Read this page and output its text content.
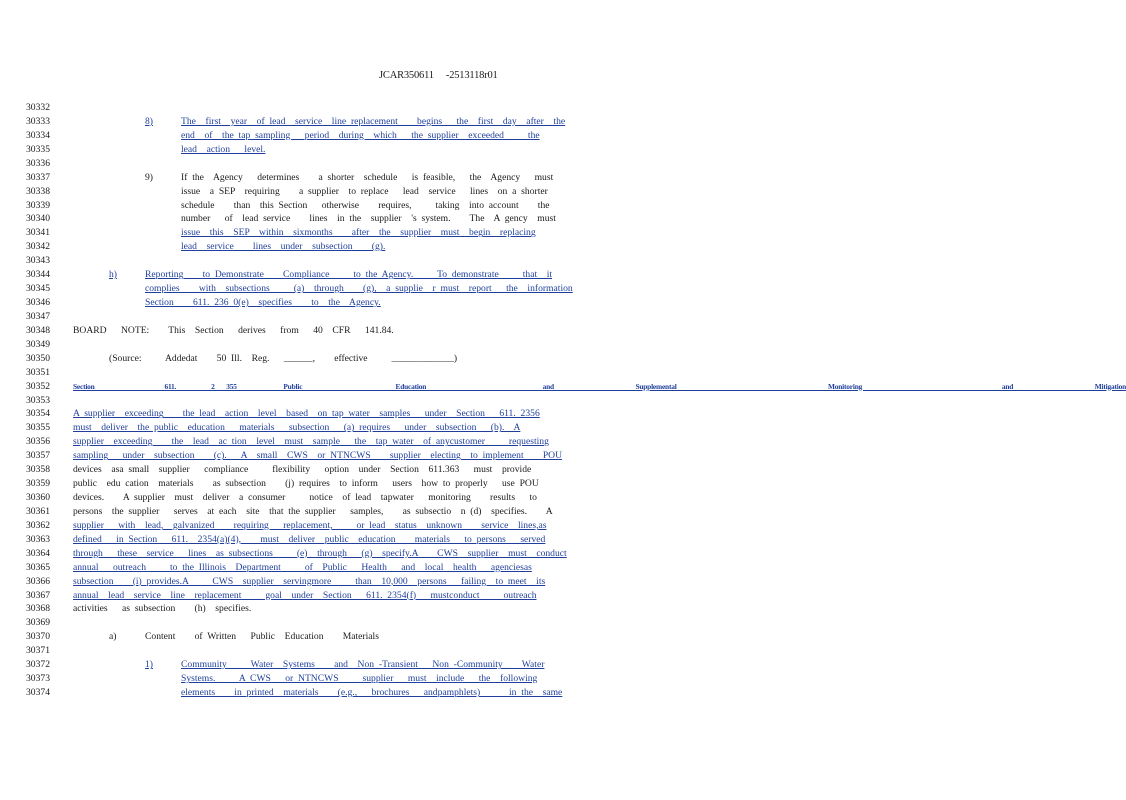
JCAR350611     -2513118r01
30332
30333	8)	The  first  year  of lead  service  line replacement    begins   the  first  day  after  the
30334	end  of  the tap sampling   period  during  which   the supplier  exceeded     the
30335	lead  action   level.
30336
30337	9)	If the  Agency   determines    a shorter  schedule   is feasible,   the  Agency   must
30338	issue  a SEP  requiring    a supplier  to replace   lead  service   lines  on a shorter
30339	schedule    than  this Section   otherwise    requires,     taking  into account    the
30340	number   of  lead service    lines  in the  supplier  's system.    The  A gency  must
30341	issue  this  SEP  within  sixmonths    after  the  supplier  must  begin  replacing
30342	lead  service    lines  under  subsection    (g).
30343
30344	h)	Reporting    to Demonstrate    Compliance     to the Agency.     To demonstrate     that  it
30345	complies    with  subsections     (a)  through    (g),  a supplie  r must  report   the  information
30346	Section    611. 236 0(e)  specifies    to  the  Agency.
30347
30348	BOARD   NOTE:    This  Section   derives   from   40  CFR   141.84.
30349
30350	(Source:     Addedat    50 Ill.  Reg.   ______,    effective     _____________)
30351
30352	Section      611.   2 355    Public        Education          and       Supplemental             Monitoring            and       Mitigation
30353
30354	A supplier  exceeding    the lead  action  level  based  on tap water  samples   under  Section   611. 2356
30355	must  deliver  the public  education   materials   subsection   (a) requires   under  subsection   (b).  A
30356	supplier  exceeding    the  lead  ac tion  level  must  sample   the  tap water  of anycustomer     requesting
30357	sampling   under  subsection    (c).   A  small  CWS  or NTNCWS    supplier  electing  to implement    POU
30358	devices  asa small  supplier   compliance     flexibility   option  under  Section  611.363   must  provide
30359	public  edu cation  materials    as subsection    (j) requires  to inform   users  how to properly   use POU
30360	devices.    A supplier  must  deliver  a consumer     notice  of lead  tapwater   monitoring    results   to
30361	persons  the supplier   serves  at each  site  that the supplier   samples,    as subsectio  n (d)  specifies.    A
30362	supplier   with  lead,  galvanized    requiring   replacement,     or lead  status  unknown    service  lines,as
30363	defined   in Section   611.  2354(a)(4),    must  deliver  public  education    materials   to persons   served
30364	through   these  service   lines  as subsections     (e)  through   (g)  specify.A    CWS  supplier  must  conduct
30365	annual   outreach     to the Illinois  Department     of  Public   Health   and  local  health   agenciesas
30366	subsection    (i) provides.A     CWS  supplier  servingmore     than  10,000  persons   failing  to meet  its
30367	annual  lead  service  line  replacement     goal  under  Section   611. 2354(f)   mustconduct     outreach
30368	activities   as subsection    (h)  specifies.
30369
30370	a)	Content    of Written   Public  Education    Materials
30371
30372	1)	Community     Water  Systems    and  Non -Transient   Non -Community    Water
30373	Systems.     A CWS   or NTNCWS     supplier   must  include   the  following
30374	elements    in printed  materials    (e.g.,   brochures   andpamphlets)      in the  same
